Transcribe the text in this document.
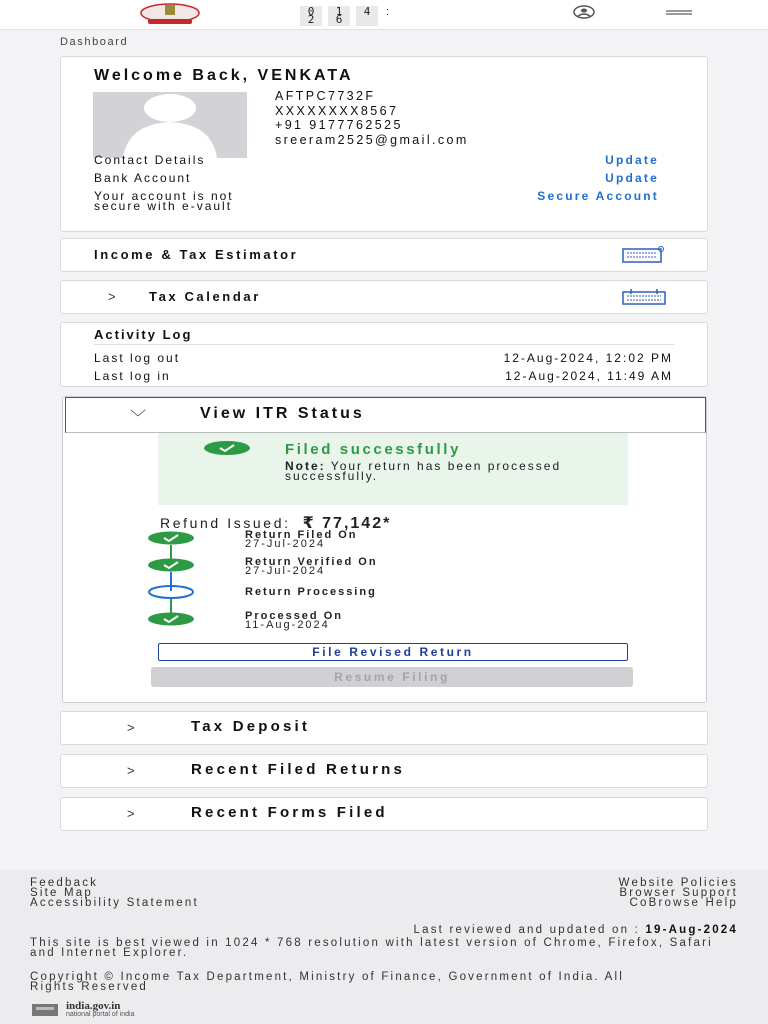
0
2
1
6
4	:
Dashboard
Welcome Back, VENKATA
AFTPC7732F
XXXXXXXX8567
+91 9177762525
sreeram2525@gmail.com
Contact Details	Update
Bank Account	Update
Your account is not
secure with e-vault
Secure Account
Income & Tax Estimator
>	Tax Calendar
Activity Log
Last log out	12-Aug-2024, 12:02 PM
Last log in	12-Aug-2024, 11:49 AM
﹀	View ITR Status
Filed successfully
Note: Your return has been processed successfully.
Refund Issued: ₹ 77,142*
Return Filed On
27-Jul-2024
Return Verified On
27-Jul-2024
Return Processing
Processed On
11-Aug-2024
File Revised Return
Resume Filing
>	Tax Deposit
>	Recent Filed Returns
>	Recent Forms Filed
Feedback
Site Map
Accessibility Statement
Website Policies
Browser Support
CoBrowse Help
Last reviewed and updated on : 19-Aug-2024
This site is best viewed in 1024 * 768 resolution with latest version of Chrome, Firefox, Safari and Internet Explorer.
Copyright © Income Tax Department, Ministry of Finance, Government of India. All Rights Reserved
india.gov.in
national portal of india
